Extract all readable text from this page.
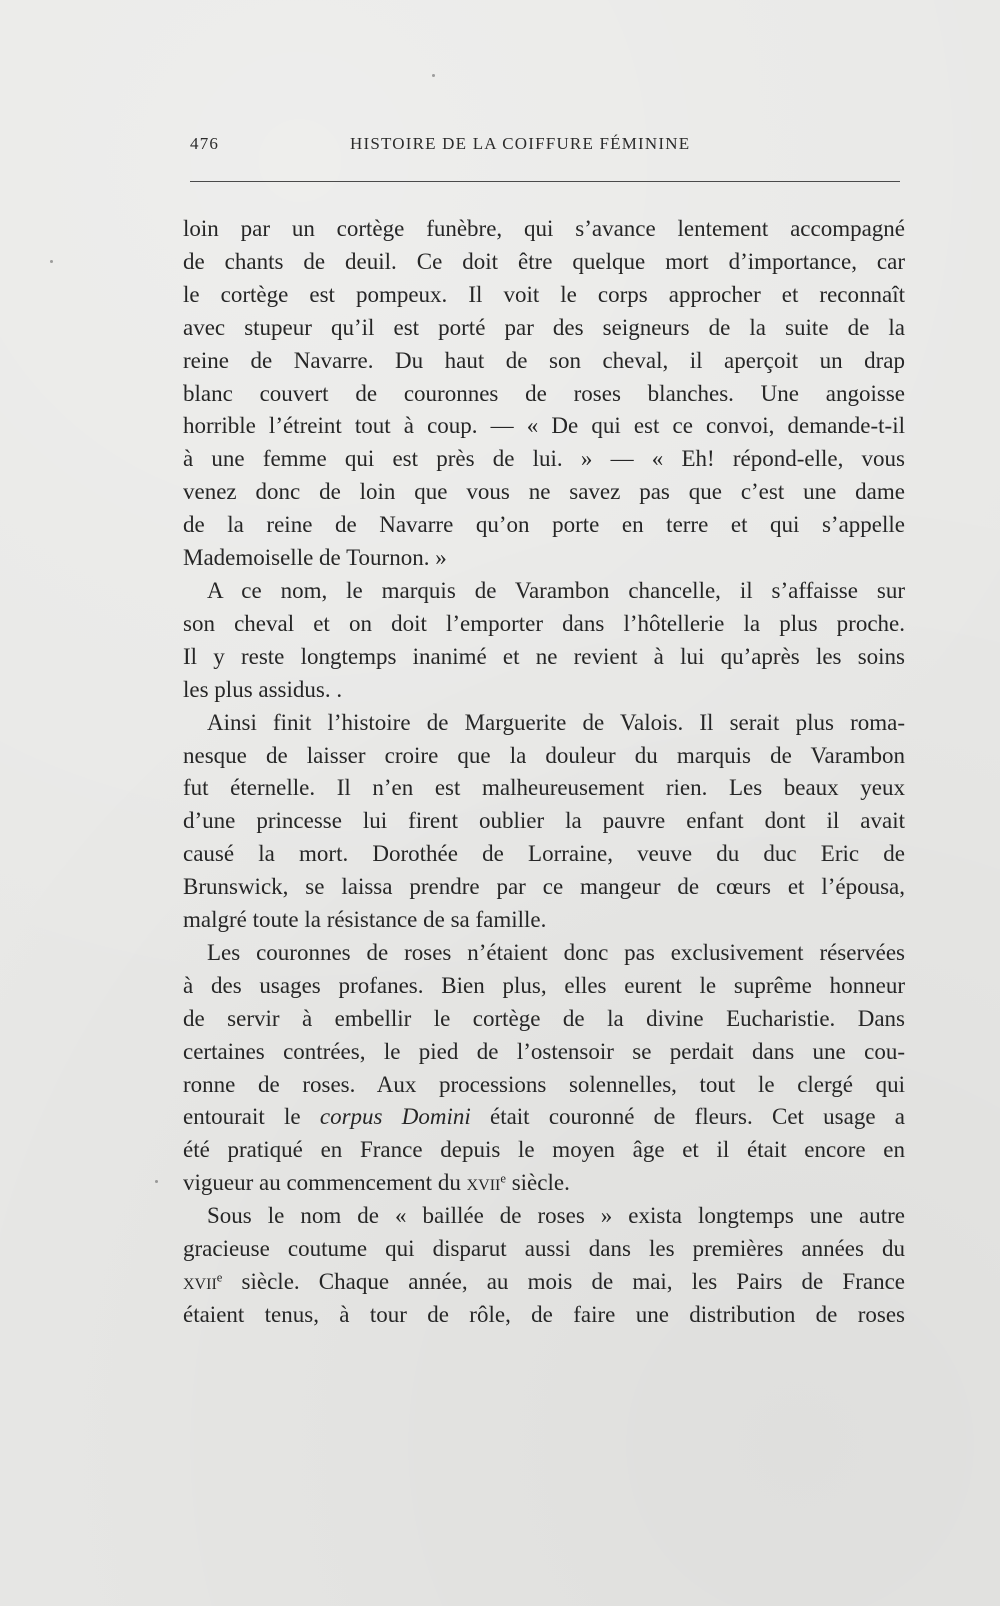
476	HISTOIRE DE LA COIFFURE FÉMININE
loin par un cortège funèbre, qui s’avance lentement accompagné
de chants de deuil. Ce doit être quelque mort d’importance, car
le cortège est pompeux. Il voit le corps approcher et reconnaît
avec stupeur qu’il est porté par des seigneurs de la suite de la
reine de Navarre. Du haut de son cheval, il aperçoit un drap
blanc couvert de couronnes de roses blanches. Une angoisse
horrible l’étreint tout à coup. — « De qui est ce convoi, demande-t-il
à une femme qui est près de lui. » — « Eh! répond-elle, vous
venez donc de loin que vous ne savez pas que c’est une dame
de la reine de Navarre qu’on porte en terre et qui s’appelle
Mademoiselle de Tournon. »
A ce nom, le marquis de Varambon chancelle, il s’affaisse sur
son cheval et on doit l’emporter dans l’hôtellerie la plus proche.
Il y reste longtemps inanimé et ne revient à lui qu’après les soins
les plus assidus. .
Ainsi finit l’histoire de Marguerite de Valois. Il serait plus roma-
nesque de laisser croire que la douleur du marquis de Varambon
fut éternelle. Il n’en est malheureusement rien. Les beaux yeux
d’une princesse lui firent oublier la pauvre enfant dont il avait
causé la mort. Dorothée de Lorraine, veuve du duc Eric de
Brunswick, se laissa prendre par ce mangeur de cœurs et l’épousa,
malgré toute la résistance de sa famille.
Les couronnes de roses n’étaient donc pas exclusivement réservées
à des usages profanes. Bien plus, elles eurent le suprême honneur
de servir à embellir le cortège de la divine Eucharistie. Dans
certaines contrées, le pied de l’ostensoir se perdait dans une cou-
ronne de roses. Aux processions solennelles, tout le clergé qui
entourait le corpus Domini était couronné de fleurs. Cet usage a
été pratiqué en France depuis le moyen âge et il était encore en
vigueur au commencement du xvii$^e$ siècle.
Sous le nom de « baillée de roses » exista longtemps une autre
gracieuse coutume qui disparut aussi dans les premières années du
xvii$^e$ siècle. Chaque année, au mois de mai, les Pairs de France
étaient tenus, à tour de rôle, de faire une distribution de roses
